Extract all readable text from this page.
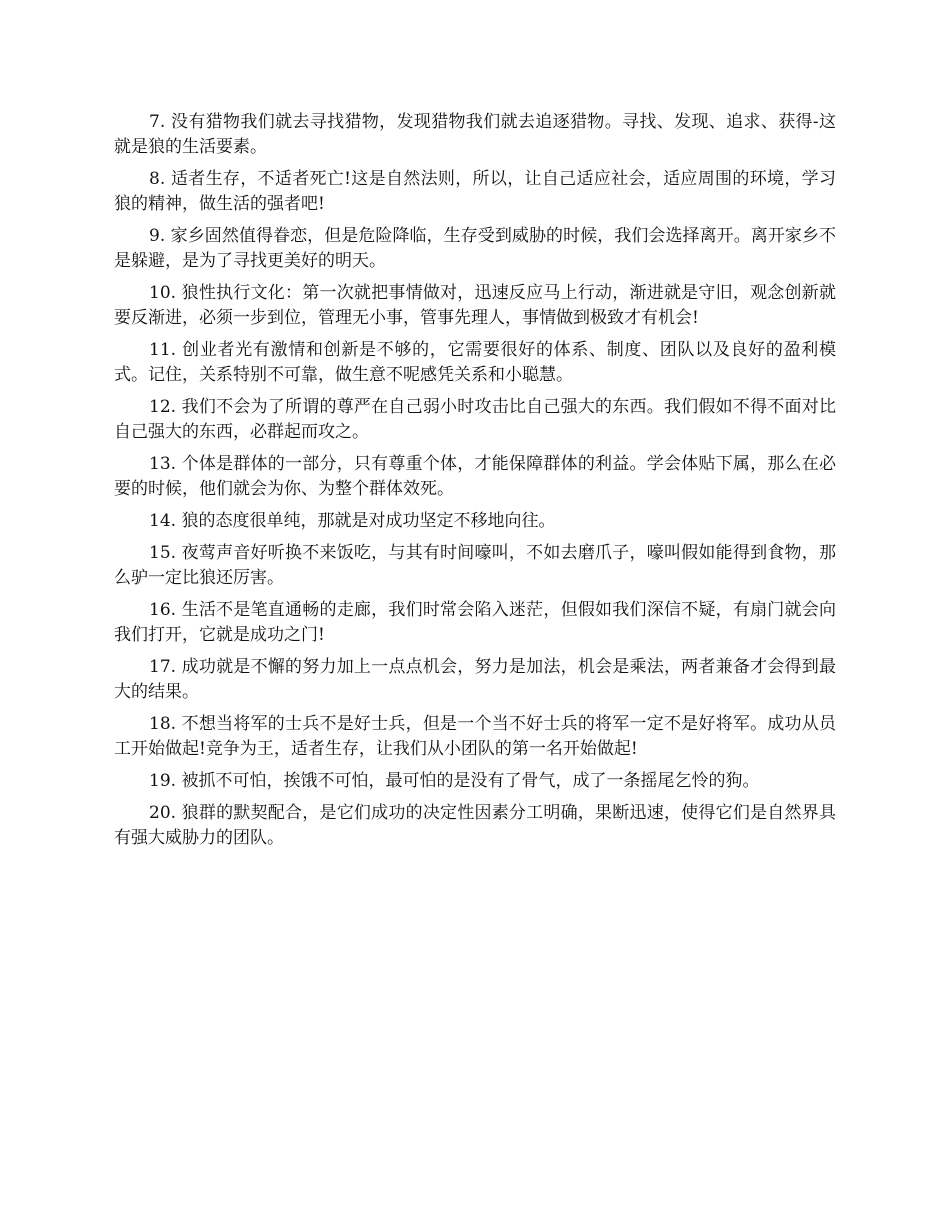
7. 没有猎物我们就去寻找猎物，发现猎物我们就去追逐猎物。寻找、发现、追求、获得-这就是狼的生活要素。

8. 适者生存，不适者死亡!这是自然法则，所以，让自己适应社会，适应周围的环境，学习狼的精神，做生活的强者吧!

9. 家乡固然值得眷恋，但是危险降临，生存受到威胁的时候，我们会选择离开。离开家乡不是躲避，是为了寻找更美好的明天。

10. 狼性执行文化：第一次就把事情做对，迅速反应马上行动，渐进就是守旧，观念创新就要反渐进，必须一步到位，管理无小事，管事先理人，事情做到极致才有机会!

11. 创业者光有激情和创新是不够的，它需要很好的体系、制度、团队以及良好的盈利模式。记住，关系特别不可靠，做生意不呢感凭关系和小聪慧。

12. 我们不会为了所谓的尊严在自己弱小时攻击比自己强大的东西。我们假如不得不面对比自己强大的东西，必群起而攻之。

13. 个体是群体的一部分，只有尊重个体，才能保障群体的利益。学会体贴下属，那么在必要的时候，他们就会为你、为整个群体效死。

14. 狼的态度很单纯，那就是对成功坚定不移地向往。

15. 夜莺声音好听换不来饭吃，与其有时间嚎叫，不如去磨爪子，嚎叫假如能得到食物，那么驴一定比狼还厉害。

16. 生活不是笔直通畅的走廊，我们时常会陷入迷茫，但假如我们深信不疑，有扇门就会向我们打开，它就是成功之门!

17. 成功就是不懈的努力加上一点点机会，努力是加法，机会是乘法，两者兼备才会得到最大的结果。

18. 不想当将军的士兵不是好士兵，但是一个当不好士兵的将军一定不是好将军。成功从员工开始做起!竞争为王，适者生存，让我们从小团队的第一名开始做起!

19. 被抓不可怕，挨饿不可怕，最可怕的是没有了骨气，成了一条摇尾乞怜的狗。

20. 狼群的默契配合，是它们成功的决定性因素分工明确，果断迅速，使得它们是自然界具有强大威胁力的团队。
